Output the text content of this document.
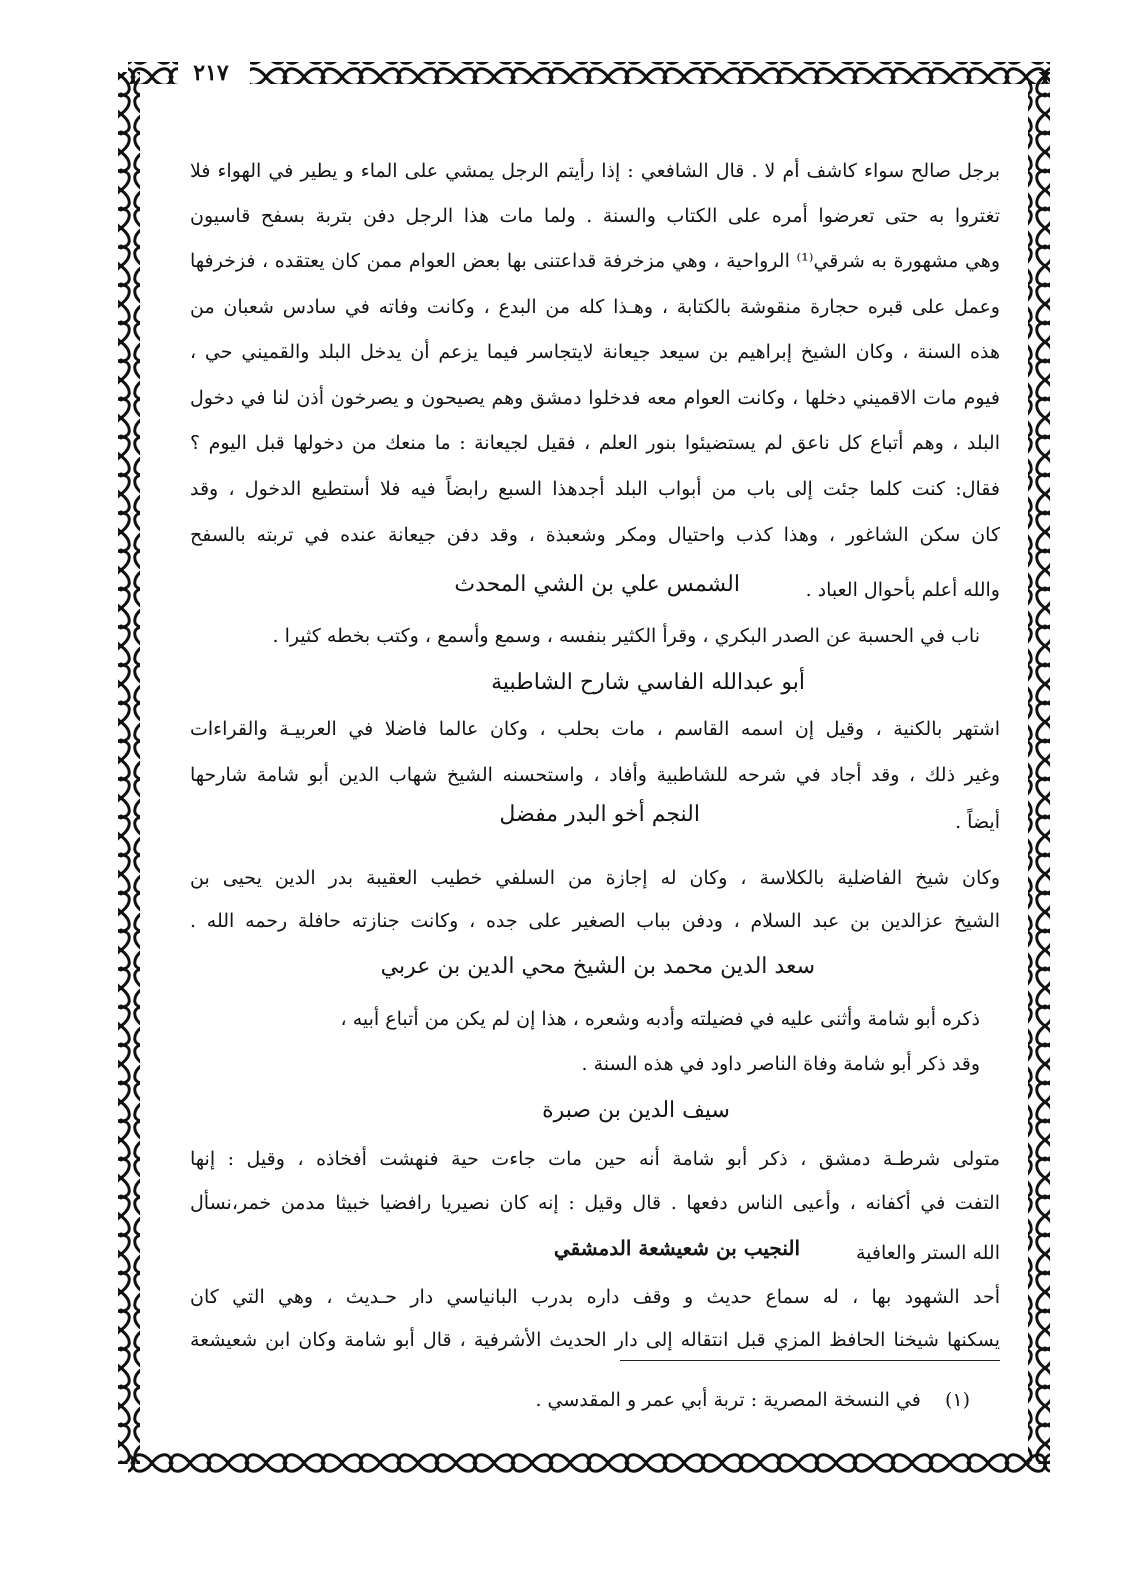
٢١٧
برجل صالح سواء كاشف أم لا . قال الشافعي : إذا رأيتم الرجل يمشي على الماء و يطير في الهواء فلا
تغتروا به حتى تعرضوا أمره على الكتاب والسنة . ولما مات هذا الرجل دفن بتربة بسفح قاسيون
وهي مشهورة به شرقي⁽¹⁾ الرواحية ، وهي مزخرفة قداعتنى بها بعض العوام ممن كان يعتقده ، فزخرفها
وعمل على قبره حجارة منقوشة بالكتابة ، وهـذا كله من البدع ، وكانت وفاته في سادس شعبان من
هذه السنة ، وكان الشيخ إبراهيم بن سيعد جيعانة لايتجاسر فيما يزعم أن يدخل البلد والقميني حي ،
فيوم مات الاقميني دخلها ، وكانت العوام معه فدخلوا دمشق وهم يصيحون و يصرخون أذن لنا في دخول
البلد ، وهم أتباع كل ناعق لم يستضيئوا بنور العلم ، فقيل لجيعانة : ما منعك من دخولها قبل اليوم ؟
فقال: كنت كلما جئت إلى باب من أبواب البلد أجدهذا السبع رابضاً فيه فلا أستطيع الدخول ، وقد
كان سكن الشاغور ، وهذا كذب واحتيال ومكر وشعبذة ، وقد دفن جيعانة عنده في تربته بالسفح
والله أعلم بأحوال العباد .
الشمس علي بن الشي المحدث
ناب في الحسبة عن الصدر البكري ، وقرأ الكثير بنفسه ، وسمع وأسمع ، وكتب بخطه كثيرا .
أبو عبدالله الفاسي شارح الشاطبية
اشتهر بالكنية ، وقيل إن اسمه القاسم ، مات بحلب ، وكان عالما فاضلا في العربيـة والقراءات
وغير ذلك ، وقد أجاد في شرحه للشاطبية وأفاد ، واستحسنه الشيخ شهاب الدين أبو شامة شارحها
أيضاً .
النجم أخو البدر مفضل
وكان شيخ الفاضلية بالكلاسة ، وكان له إجازة من السلفي خطيب العقيبة بدر الدين يحيى بن
الشيخ عزالدين بن عبد السلام ، ودفن بباب الصغير على جده ، وكانت جنازته حافلة رحمه الله .
سعد الدين محمد بن الشيخ محي الدين بن عربي
ذكره أبو شامة وأثنى عليه في فضيلته وأدبه وشعره ، هذا إن لم يكن من أتباع أبيه ،
وقد ذكر أبو شامة وفاة الناصر داود في هذه السنة .
سيف الدين بن صبرة
متولى شرطـة دمشق ، ذكر أبو شامة أنه حين مات جاءت حية فنهشت أفخاذه ، وقيل : إنها
التفت في أكفانه ، وأعيى الناس دفعها . قال وقيل : إنه كان نصيريا رافضيا خبيثا مدمن خمر،نسأل
الله الستر والعافية
النجيب بن شعيشعة الدمشقي
أحد الشهود بها ، له سماع حديث و وقف داره بدرب البانياسي دار حـديث ، وهي التي كان
يسكنها شيخنا الحافظ المزي قبل انتقاله إلى دار الحديث الأشرفية ، قال أبو شامة وكان ابن شعيشعة
(١) في النسخة المصرية : تربة أبي عمر و المقدسي .
